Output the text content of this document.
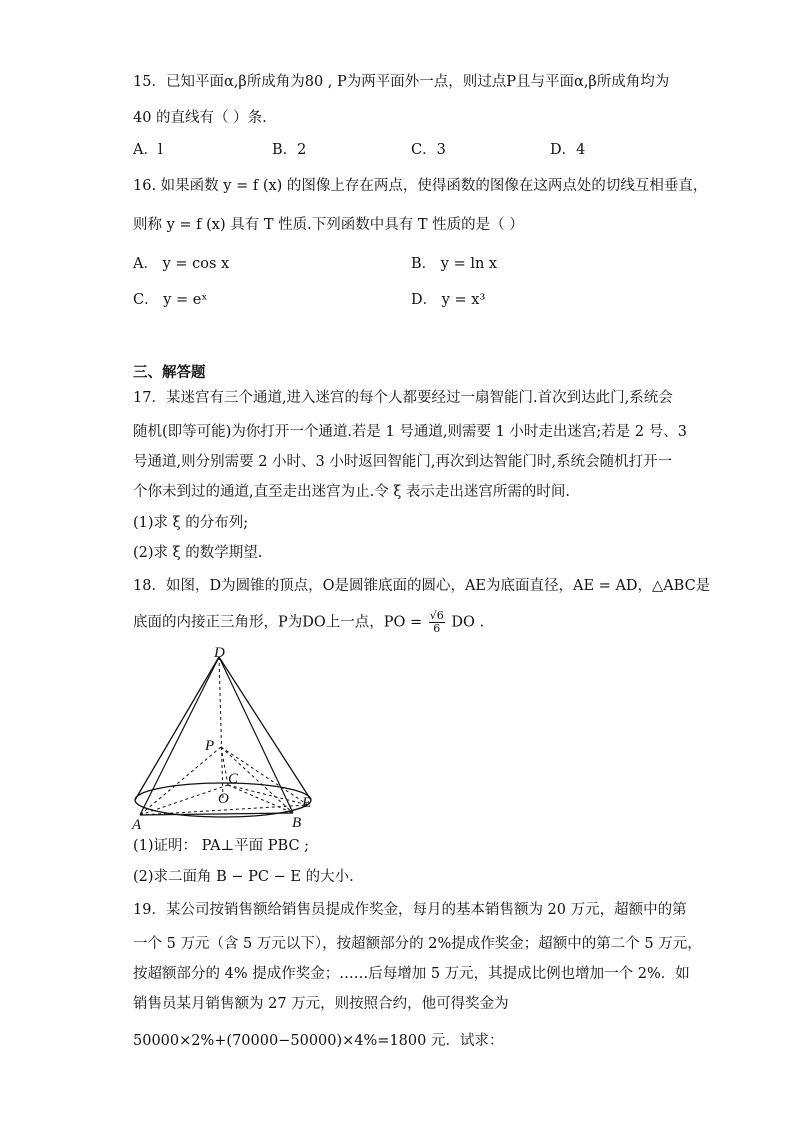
15．已知平面α,β所成角为80 , P为两平面外一点，则过点P且与平面α,β所成角均为
40 的直线有（ ）条.
A．l	B．2	C．3	D．4
16. 如果函数 y = f (x) 的图像上存在两点，使得函数的图像在这两点处的切线互相垂直，
则称 y = f (x) 具有 T 性质.下列函数中具有 T 性质的是（ ）
A． y = cos x	B． y = ln x
C． y = eˣ	D． y = x³
三、解答题
17．某迷宫有三个通道,进入迷宫的每个人都要经过一扇智能门.首次到达此门,系统会
随机(即等可能)为你打开一个通道.若是 1 号通道,则需要 1 小时走出迷宫;若是 2 号、3
号通道,则分别需要 2 小时、3 小时返回智能门,再次到达智能门时,系统会随机打开一
个你未到过的通道,直至走出迷宫为止.令 ξ 表示走出迷宫所需的时间.
(1)求 ξ 的分布列;
(2)求 ξ 的数学期望.
18．如图，D为圆锥的顶点，O是圆锥底面的圆心，AE为底面直径，AE = AD，△ABC是
底面的内接正三角形，P为DO上一点，PO = $\frac{√6}{6}$ DO .
D
P
C
O
A	B
E
(1)证明： PA⊥平面 PBC ;
(2)求二面角 B − PC − E 的大小.
19．某公司按销售额给销售员提成作奖金，每月的基本销售额为 20 万元，超额中的第
一个 5 万元（含 5 万元以下），按超额部分的 2%提成作奖金；超额中的第二个 5 万元，
按超额部分的 4% 提成作奖金；……后每增加 5 万元，其提成比例也增加一个 2%．如
销售员某月销售额为 27 万元，则按照合约，他可得奖金为
50000×2%+(70000−50000)×4%=1800 元．试求：
